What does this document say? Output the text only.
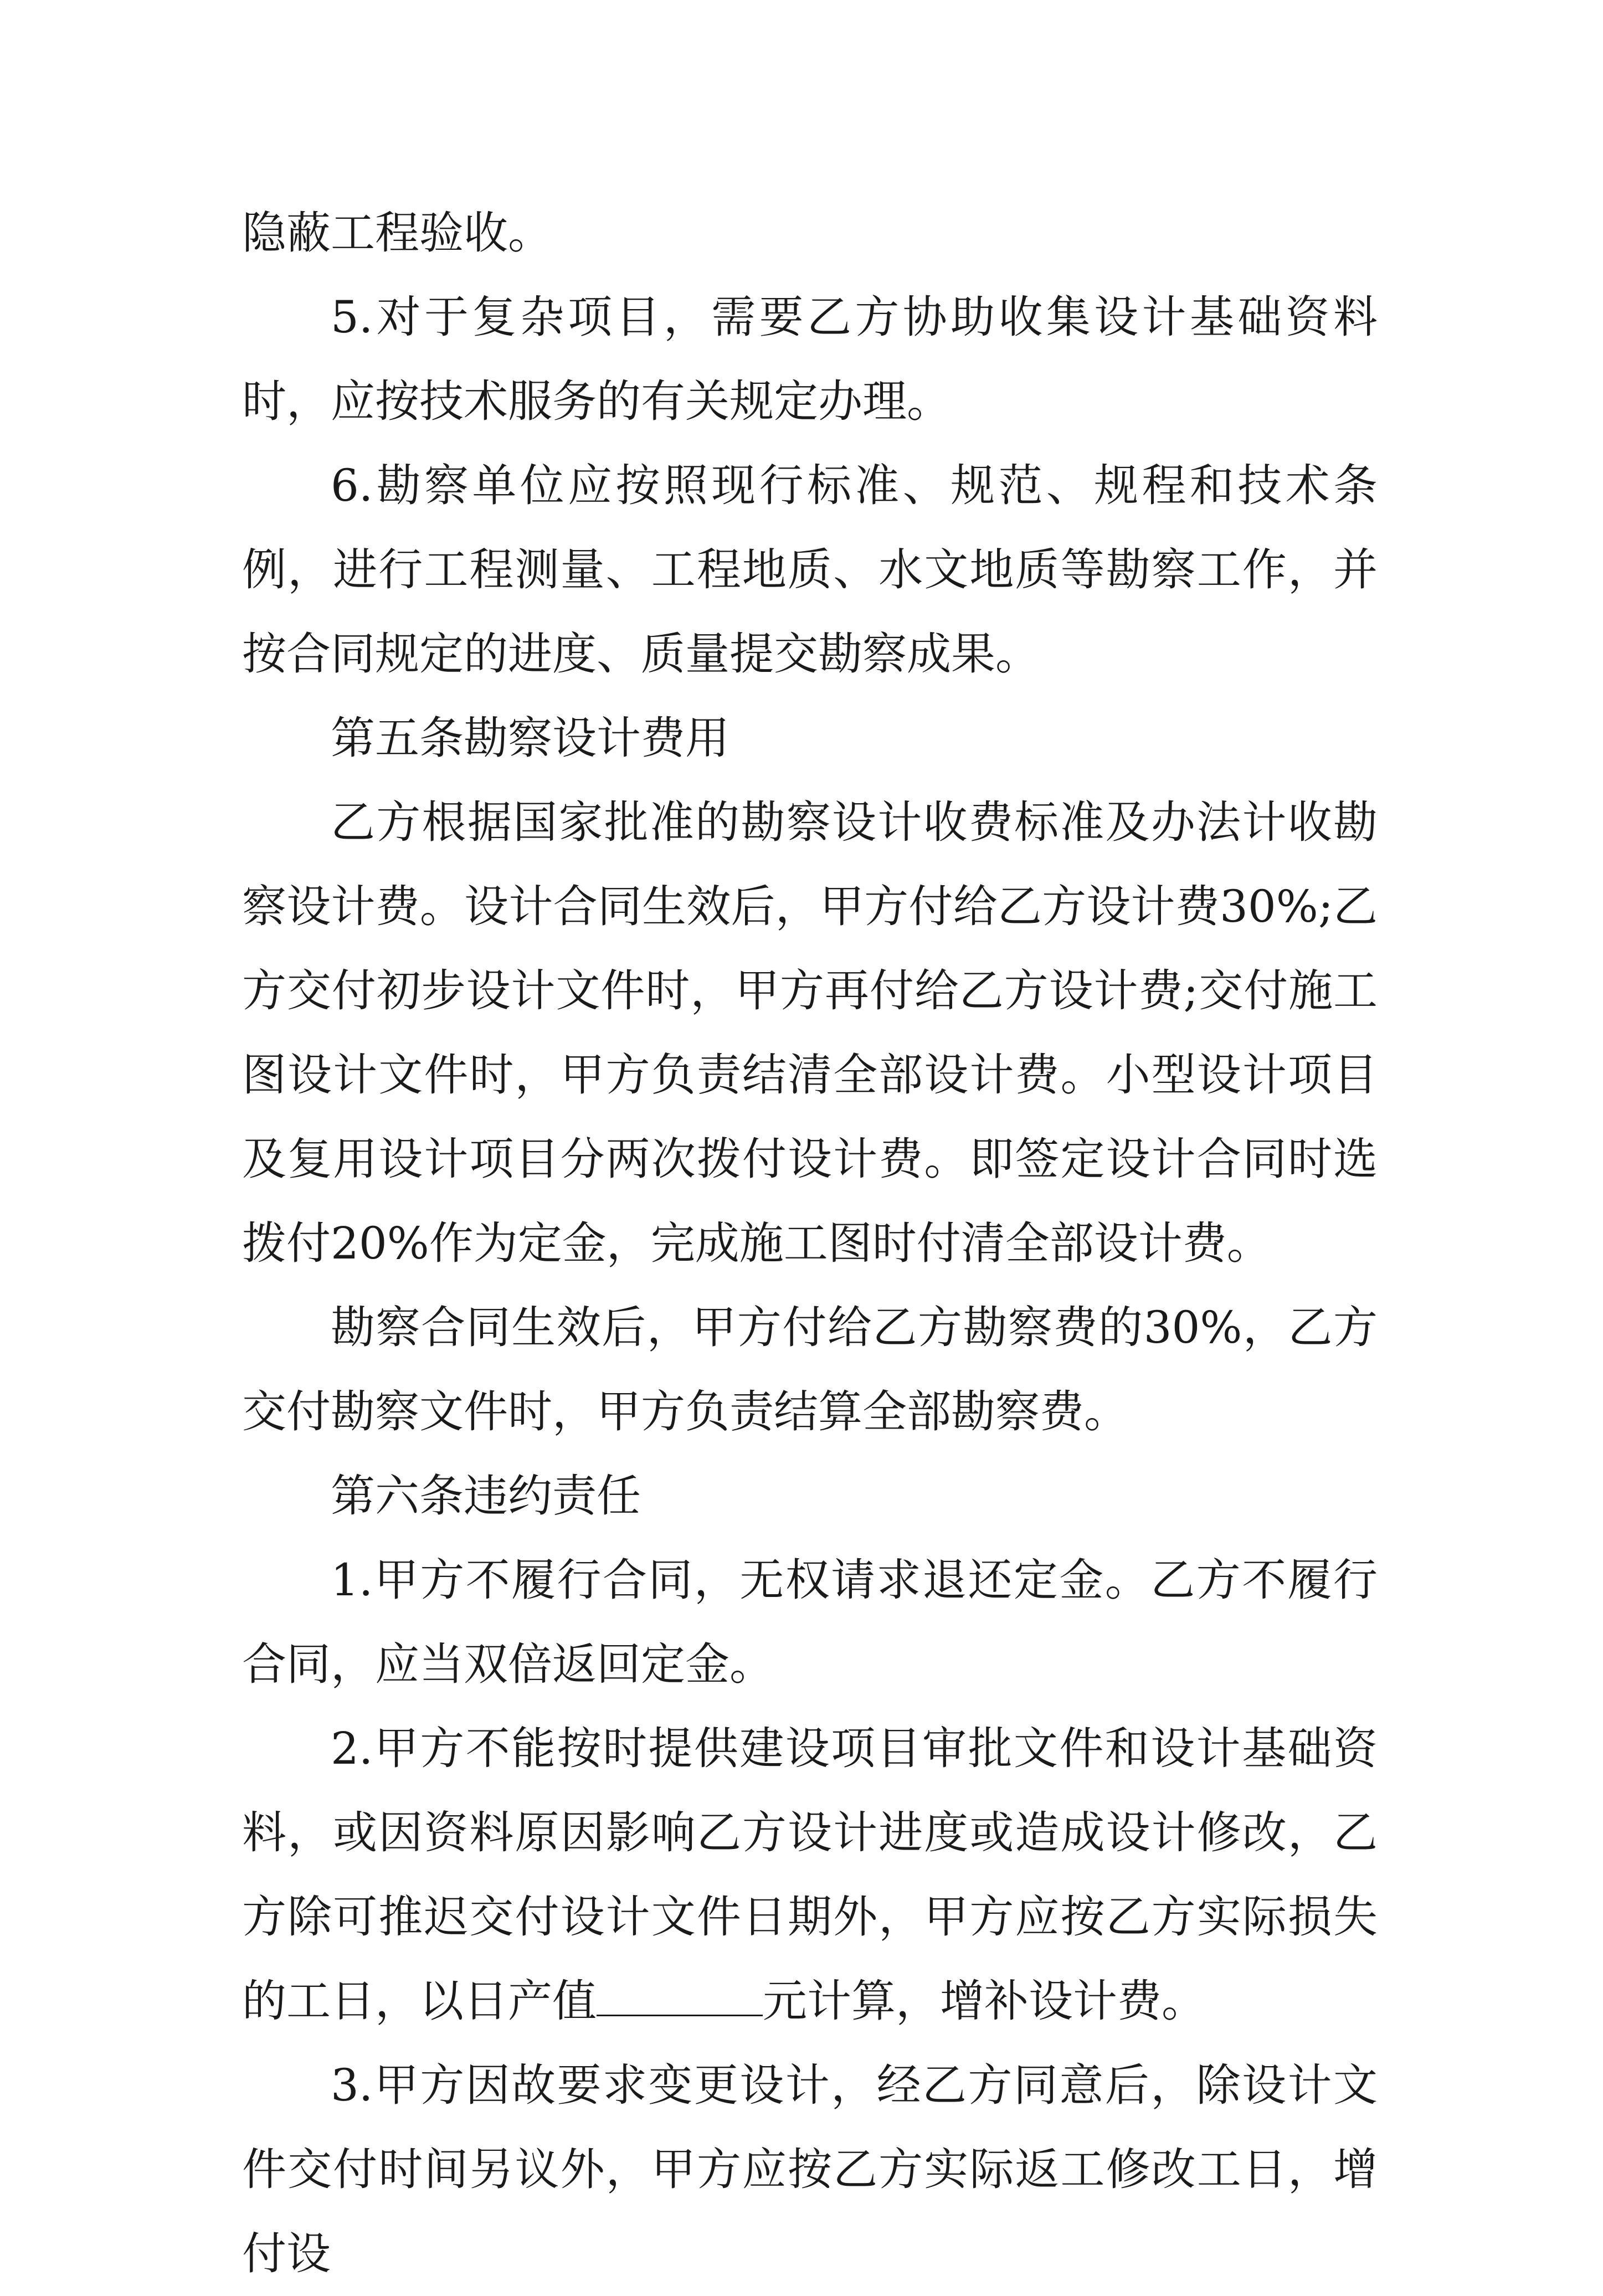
隐蔽工程验收。

5.对于复杂项目，需要乙方协助收集设计基础资料时，应按技术服务的有关规定办理。

6.勘察单位应按照现行标准、规范、规程和技术条例，进行工程测量、工程地质、水文地质等勘察工作，并按合同规定的进度、质量提交勘察成果。

第五条勘察设计费用

乙方根据国家批准的勘察设计收费标准及办法计收勘察设计费。设计合同生效后，甲方付给乙方设计费30%;乙方交付初步设计文件时，甲方再付给乙方设计费;交付施工图设计文件时，甲方负责结清全部设计费。小型设计项目及复用设计项目分两次拨付设计费。即签定设计合同时选拨付20%作为定金，完成施工图时付清全部设计费。

勘察合同生效后，甲方付给乙方勘察费的30%，乙方交付勘察文件时，甲方负责结算全部勘察费。

第六条违约责任

1.甲方不履行合同，无权请求退还定金。乙方不履行合同，应当双倍返回定金。

2.甲方不能按时提供建设项目审批文件和设计基础资料，或因资料原因影响乙方设计进度或造成设计修改，乙方除可推迟交付设计文件日期外，甲方应按乙方实际损失的工日，以日产值	元计算，增补设计费。

3.甲方因故要求变更设计，经乙方同意后，除设计文件交付时间另议外，甲方应按乙方实际返工修改工日，增付设
